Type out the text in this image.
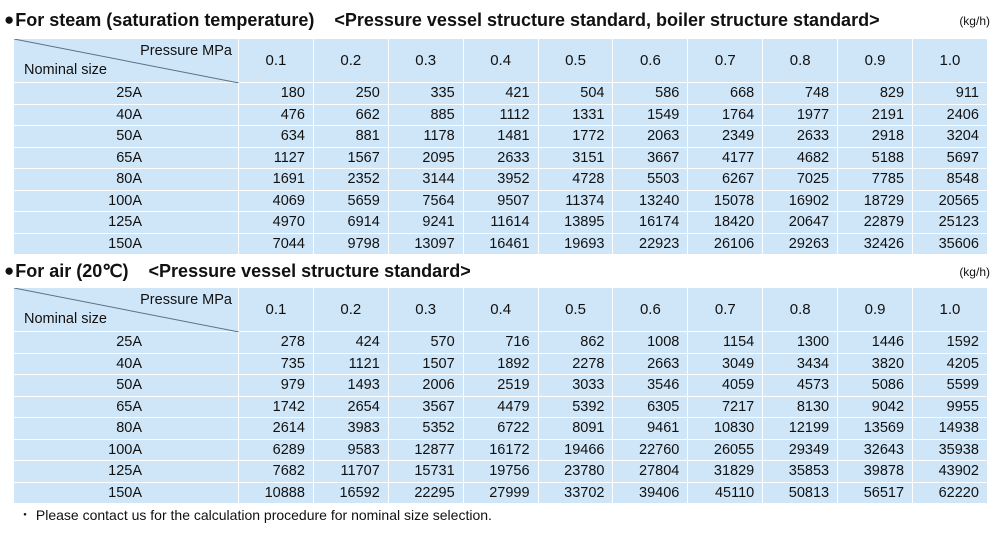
● For steam (saturation temperature) <Pressure vessel structure standard, boiler structure standard>	(kg/h)
Pressure MPa
Nominal size	0.1	0.2	0.3	0.4	0.5	0.6	0.7	0.8	0.9	1.0
25A	180	250	335	421	504	586	668	748	829	911
40A	476	662	885	1112	1331	1549	1764	1977	2191	2406
50A	634	881	1178	1481	1772	2063	2349	2633	2918	3204
65A	1127	1567	2095	2633	3151	3667	4177	4682	5188	5697
80A	1691	2352	3144	3952	4728	5503	6267	7025	7785	8548
100A	4069	5659	7564	9507	11374	13240	15078	16902	18729	20565
125A	4970	6914	9241	11614	13895	16174	18420	20647	22879	25123
150A	7044	9798	13097	16461	19693	22923	26106	29263	32426	35606
● For air (20℃) <Pressure vessel structure standard>	(kg/h)
Pressure MPa
Nominal size	0.1	0.2	0.3	0.4	0.5	0.6	0.7	0.8	0.9	1.0
25A	278	424	570	716	862	1008	1154	1300	1446	1592
40A	735	1121	1507	1892	2278	2663	3049	3434	3820	4205
50A	979	1493	2006	2519	3033	3546	4059	4573	5086	5599
65A	1742	2654	3567	4479	5392	6305	7217	8130	9042	9955
80A	2614	3983	5352	6722	8091	9461	10830	12199	13569	14938
100A	6289	9583	12877	16172	19466	22760	26055	29349	32643	35938
125A	7682	11707	15731	19756	23780	27804	31829	35853	39878	43902
150A	10888	16592	22295	27999	33702	39406	45110	50813	56517	62220
・ Please contact us for the calculation procedure for nominal size selection.
